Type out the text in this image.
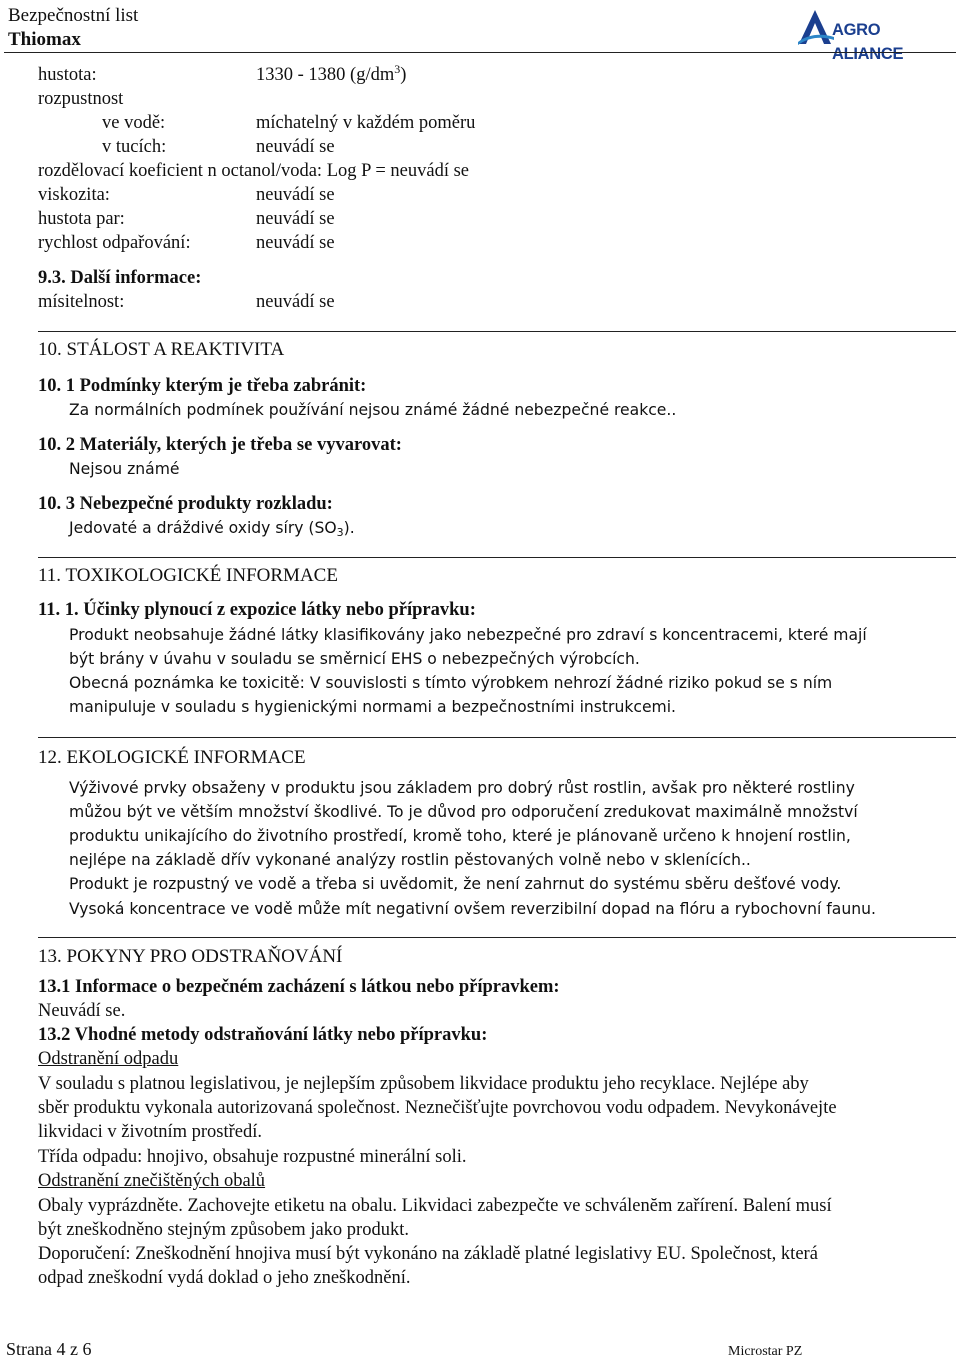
Bezpečnostní list
Thiomax	AGRO ALIANCE
hustota:	1330 - 1380 $(g/dm^3)$
rozpustnost
ve vodě:	míchatelný v každém poměru
v tucích:	neuvádí se
rozdělovací koeficient n octanol/voda: Log P = neuvádí se
viskozita:	neuvádí se
hustota par:	neuvádí se
rychlost odpařování:	neuvádí se
9.3. Další informace:
mísitelnost:	neuvádí se
10. STÁLOST A REAKTIVITA
10. 1 Podmínky kterým je třeba zabránit:
Za normálních podmínek používání nejsou známé žádné nebezpečné reakce..
10. 2 Materiály, kterých je třeba se vyvarovat:
Nejsou známé
10. 3 Nebezpečné produkty rozkladu:
Jedovaté a dráždivé oxidy síry $(SO_3)$.
11. TOXIKOLOGICKÉ INFORMACE
11. 1. Účinky plynoucí z expozice látky nebo přípravku:
Produkt neobsahuje žádné látky klasifikovány jako nebezpečné pro zdraví s koncentracemi, které mají
být brány v úvahu v souladu se směrnicí EHS o nebezpečných výrobcích.
Obecná poznámka ke toxicitě: V souvislosti s tímto výrobkem nehrozí žádné riziko pokud se s ním
manipuluje v souladu s hygienickými normami a bezpečnostními instrukcemi.
12. EKOLOGICKÉ INFORMACE
Výživové prvky obsaženy v produktu jsou základem pro dobrý růst rostlin, avšak pro některé rostliny
můžou být ve větším množství škodlivé. To je důvod pro odporučení zredukovat maximálně množství
produktu unikajícího do životního prostředí, kromě toho, které je plánovaně určeno k hnojení rostlin,
nejlépe na základě dřív vykonané analýzy rostlin pěstovaných volně nebo v sklenících..
Produkt je rozpustný ve vodě a třeba si uvědomit, že není zahrnut do systému sběru dešťové vody.
Vysoká koncentrace ve vodě může mít negativní ovšem reverzibilní dopad na flóru a rybochovní faunu.
13. POKYNY PRO ODSTRAŇOVÁNÍ
13.1 Informace o bezpečném zacházení s látkou nebo přípravkem:
Neuvádí se.
13.2 Vhodné metody odstraňování látky nebo přípravku:
Odstranění odpadu
V souladu s platnou legislativou, je nejlepším způsobem likvidace produktu jeho recyklace. Nejlépe aby
sběr produktu vykonala autorizovaná společnost. Neznečišťujte povrchovou vodu odpadem. Nevykonávejte
likvidaci v životním prostředí.
Třída odpadu: hnojivo, obsahuje rozpustné minerální soli.
Odstranění znečištěných obalů
Obaly vyprázdněte. Zachovejte etiketu na obalu. Likvidaci zabezpečte ve schválenĕm zařírení. Balení musí
být zneškodněno stejným způsobem jako produkt.
Doporučení: Zneškodnění hnojiva musí být vykonáno na základě platné legislativy EU. Společnost, která
odpad zneškodní vydá doklad o jeho zneškodnění.
Strana 4 z 6	Microstar PZ
